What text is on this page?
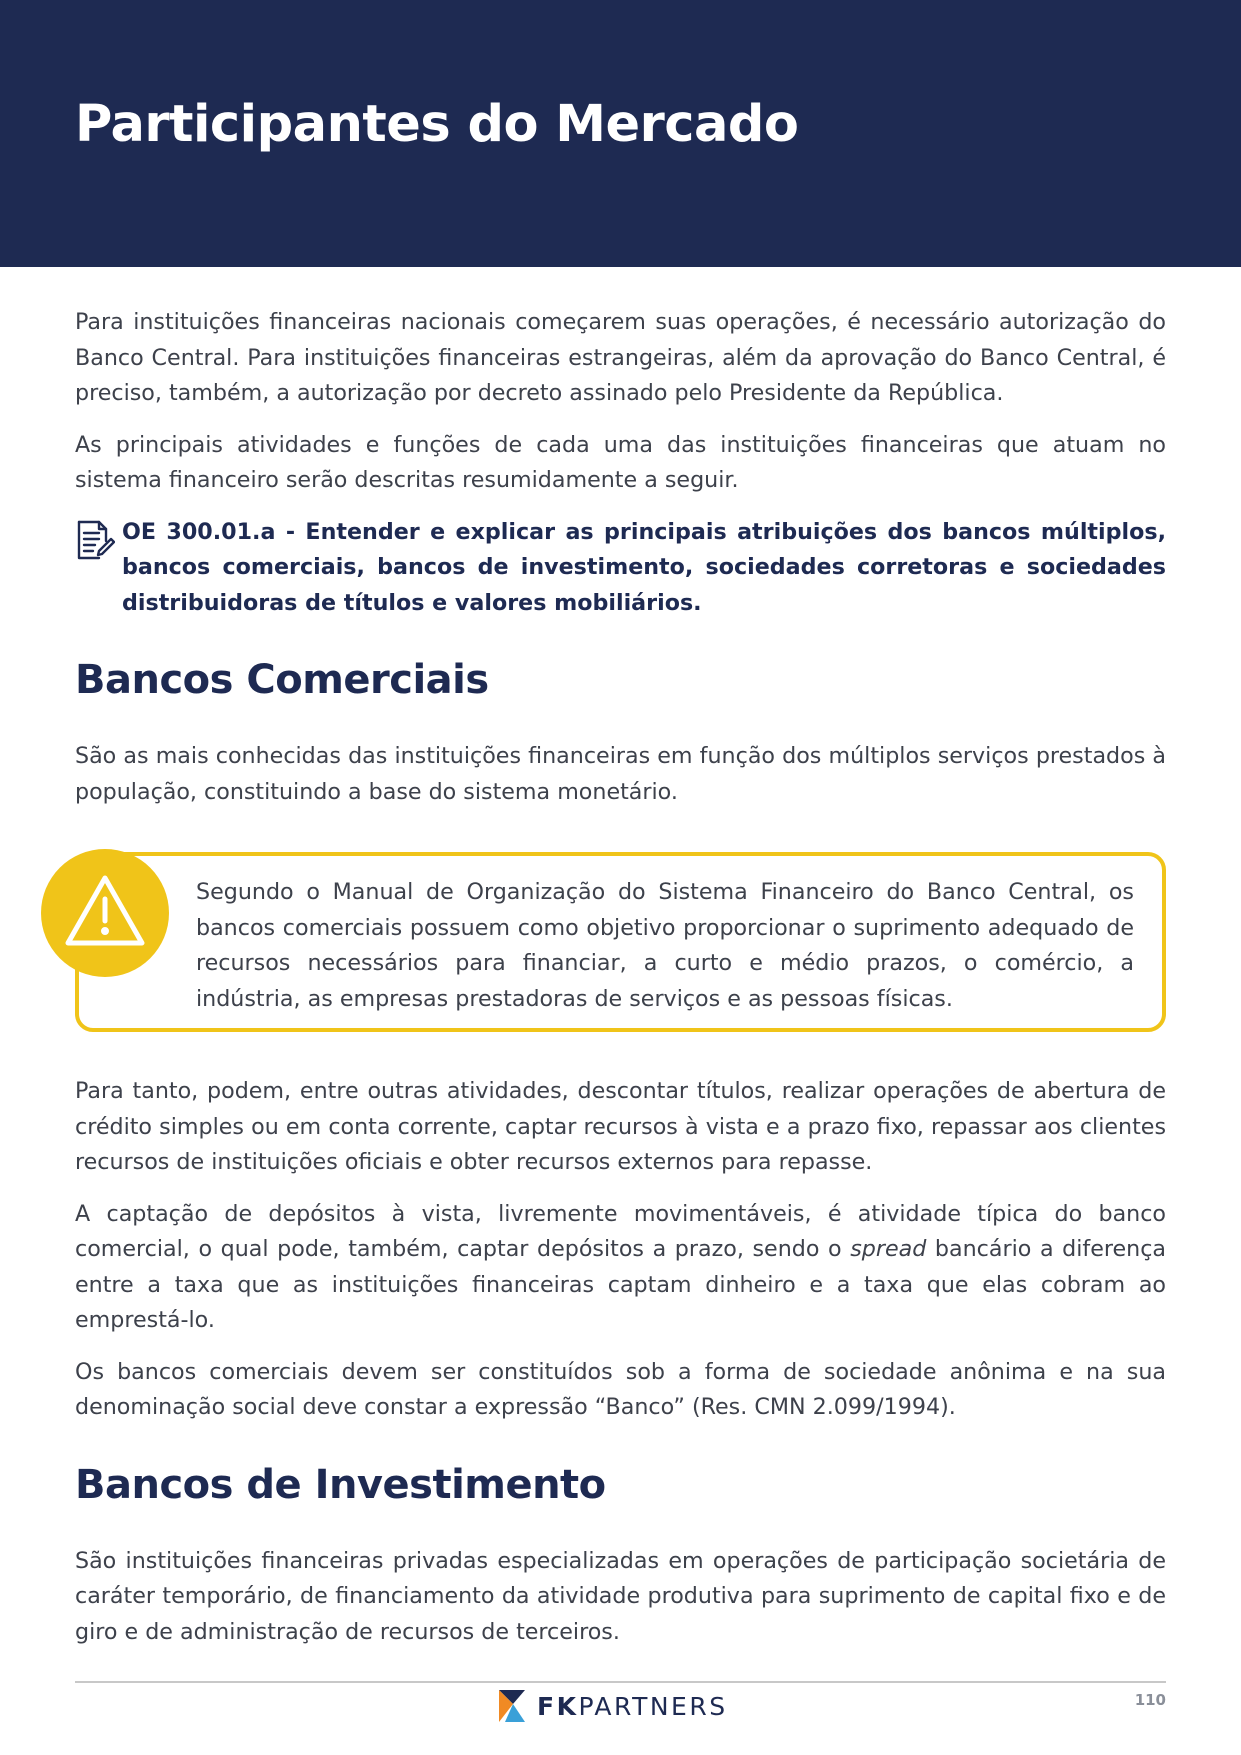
Participantes do Mercado

Para instituições financeiras nacionais começarem suas operações, é necessário autorização do Banco Central. Para instituições financeiras estrangeiras, além da aprovação do Banco Central, é preciso, também, a autorização por decreto assinado pelo Presidente da República.

As principais atividades e funções de cada uma das instituições financeiras que atuam no sistema financeiro serão descritas resumidamente a seguir.

OE 300.01.a - Entender e explicar as principais atribuições dos bancos múltiplos, bancos comerciais, bancos de investimento, sociedades corretoras e sociedades distribuidoras de títulos e valores mobiliários.

Bancos Comerciais

São as mais conhecidas das instituições financeiras em função dos múltiplos serviços prestados à população, constituindo a base do sistema monetário.

Segundo o Manual de Organização do Sistema Financeiro do Banco Central, os bancos comerciais possuem como objetivo proporcionar o suprimento adequado de recursos necessários para financiar, a curto e médio prazos, o comércio, a indústria, as empresas prestadoras de serviços e as pessoas físicas.

Para tanto, podem, entre outras atividades, descontar títulos, realizar operações de abertura de crédito simples ou em conta corrente, captar recursos à vista e a prazo fixo, repassar aos clientes recursos de instituições oficiais e obter recursos externos para repasse.

A captação de depósitos à vista, livremente movimentáveis, é atividade típica do banco comercial, o qual pode, também, captar depósitos a prazo, sendo o spread bancário a diferença entre a taxa que as instituições financeiras captam dinheiro e a taxa que elas cobram ao emprestá-lo.

Os bancos comerciais devem ser constituídos sob a forma de sociedade anônima e na sua denominação social deve constar a expressão “Banco” (Res. CMN 2.099/1994).

Bancos de Investimento

São instituições financeiras privadas especializadas em operações de participação societária de caráter temporário, de financiamento da atividade produtiva para suprimento de capital fixo e de giro e de administração de recursos de terceiros.

FKPARTNERS	110
